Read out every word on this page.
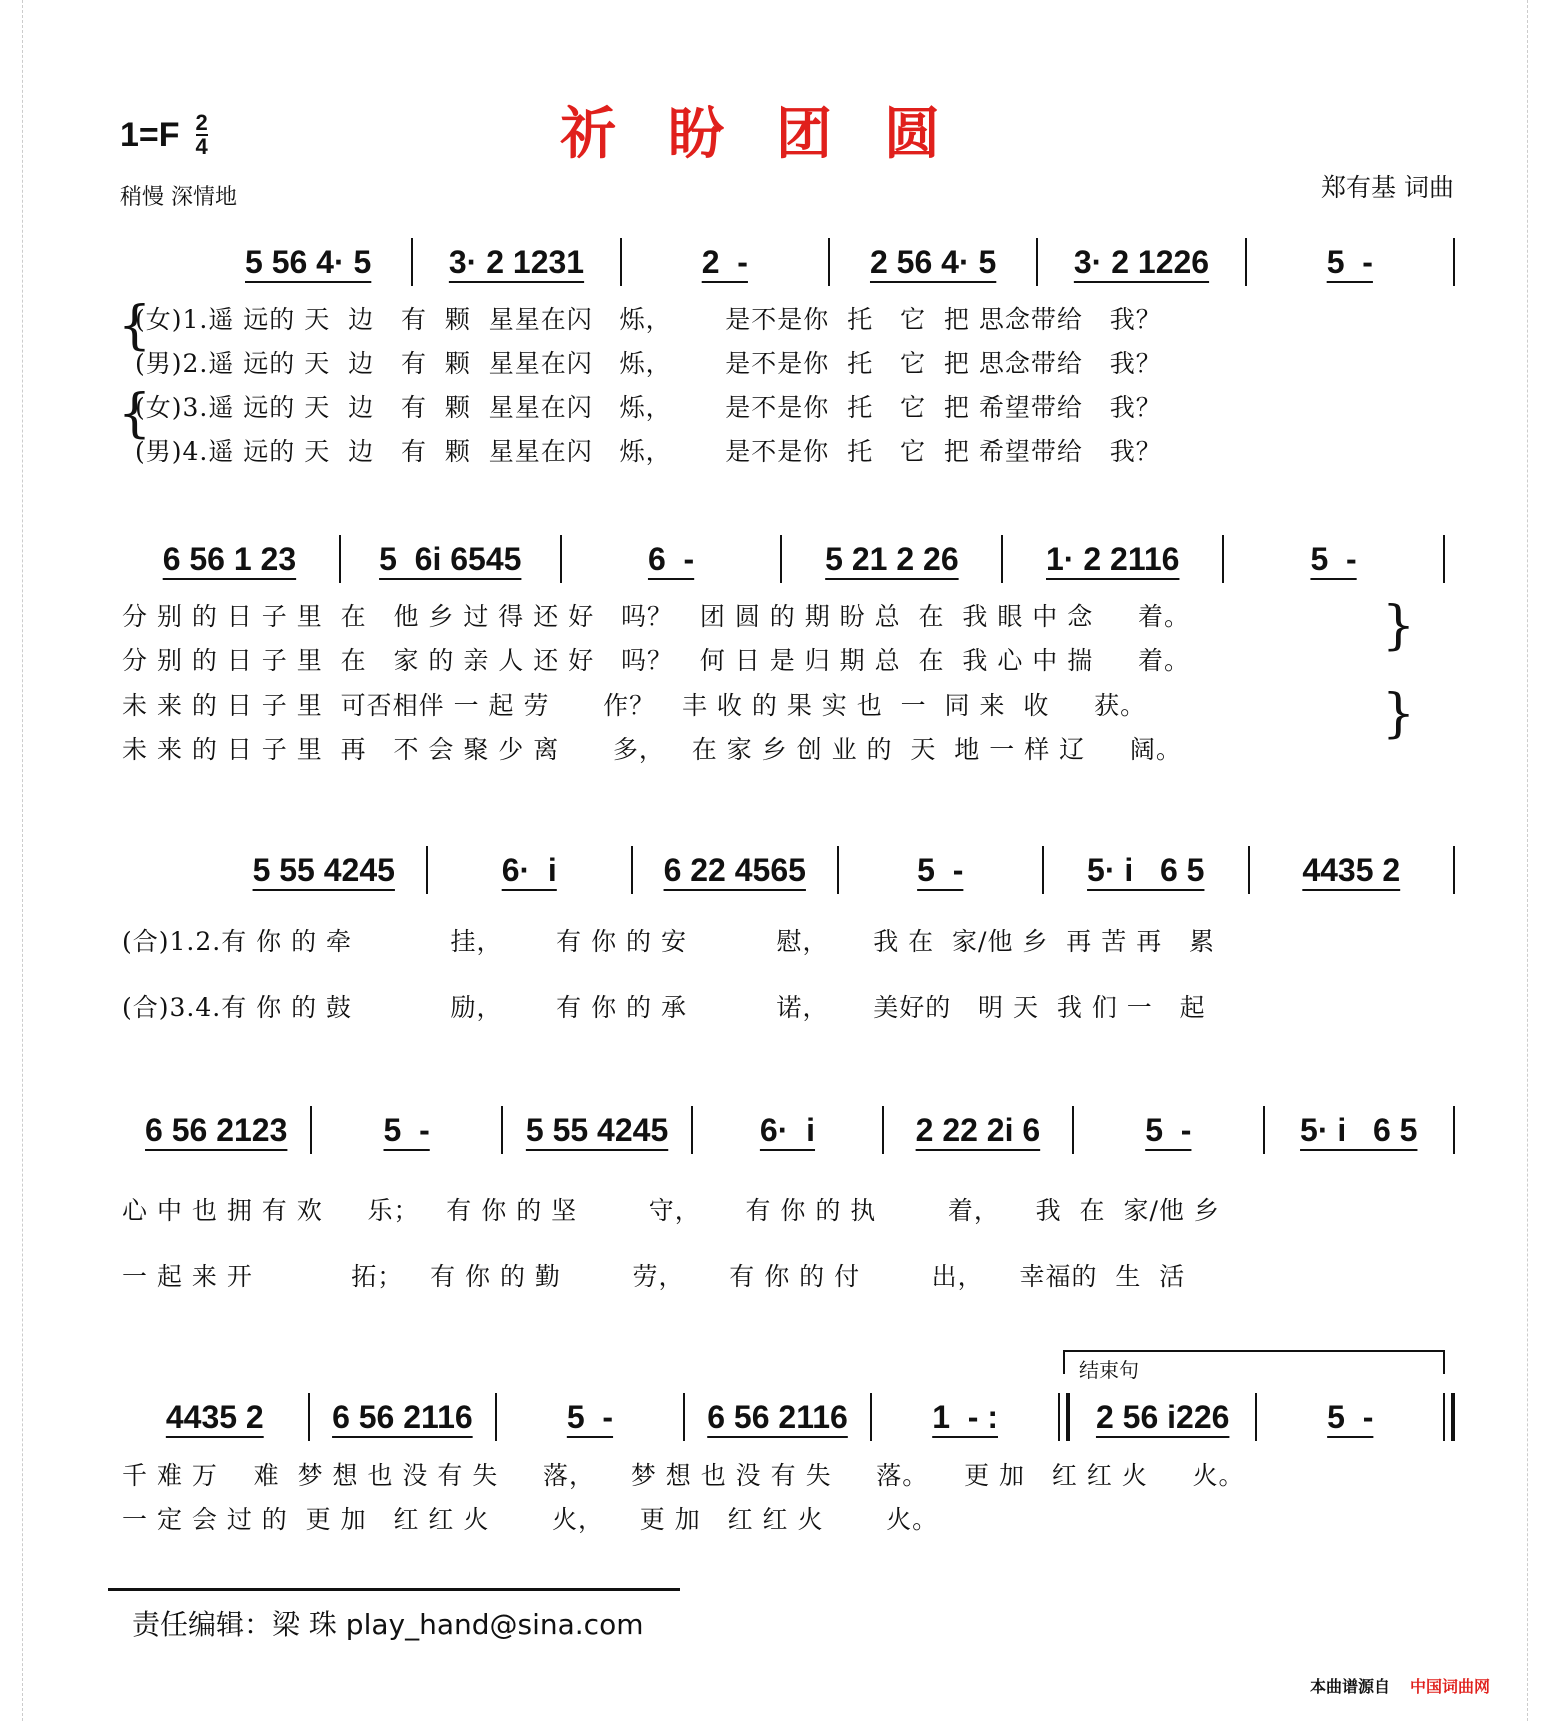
祈盼团圆
$1=F \frac{2}{4}$
稍慢 深情地	郑有基 词曲
5 56 4· 5	3· 2 1231	2  -	2 56 4· 5	3· 2 1226	5  -
(女)1.遥 远的 天  边   有  颗  星星在闪   烁，      是不是你  托   它  把 思念带给   我？
(男)2.遥 远的 天  边   有  颗  星星在闪   烁，      是不是你  托   它  把 思念带给   我？
(女)3.遥 远的 天  边   有  颗  星星在闪   烁，      是不是你  托   它  把 希望带给   我？
(男)4.遥 远的 天  边   有  颗  星星在闪   烁，      是不是你  托   它  把 希望带给   我？
6 56 1 23	5  6i 6545	6  -	5 21 2 26	1· 2 2116	5  -
分 别 的 日 子 里  在   他 乡 过 得 还 好   吗？   团 圆 的 期 盼 总  在  我 眼 中 念     着。
分 别 的 日 子 里  在   家 的 亲 人 还 好   吗？   何 日 是 归 期 总  在  我 心 中 揣     着。
未 来 的 日 子 里  可否相伴 一 起 劳      作？   丰 收 的 果 实 也  一  同 来  收     获。
未 来 的 日 子 里  再   不 会 聚 少 离      多，   在 家 乡 创 业 的  天  地 一 样 辽     阔。
5 55 4245	6·  i	6 22 4565	5  -	5· i   6 5	4435 2
(合)1.2.有 你 的 牵           挂，      有 你 的 安          慰，     我 在  家/他 乡  再 苦 再   累
(合)3.4.有 你 的 鼓           励，      有 你 的 承          诺，     美好的   明 天  我 们 一   起
6 56 2123	5  -	5 55 4245	6·  i	2 22 2i 6	5  -	5· i   6 5
心 中 也 拥 有 欢     乐；   有 你 的 坚        守，     有 你 的 执        着，    我  在  家/他 乡
一 起 来 开           拓；   有 你 的 勤        劳，     有 你 的 付        出，    幸福的  生  活
4435 2	6 56 2116	5  -	6 56 2116	1  - :	2 56 i226	5  -
千 难 万    难  梦 想 也 没 有 失     落，    梦 想 也 没 有 失     落。    更 加   红 红 火     火。
一 定 会 过 的  更 加   红 红 火       火，    更 加   红 红 火       火。
{
{
}
}
结束句
责任编辑：梁 珠 play_hand@sina.com
本曲谱源自 中国词曲网
